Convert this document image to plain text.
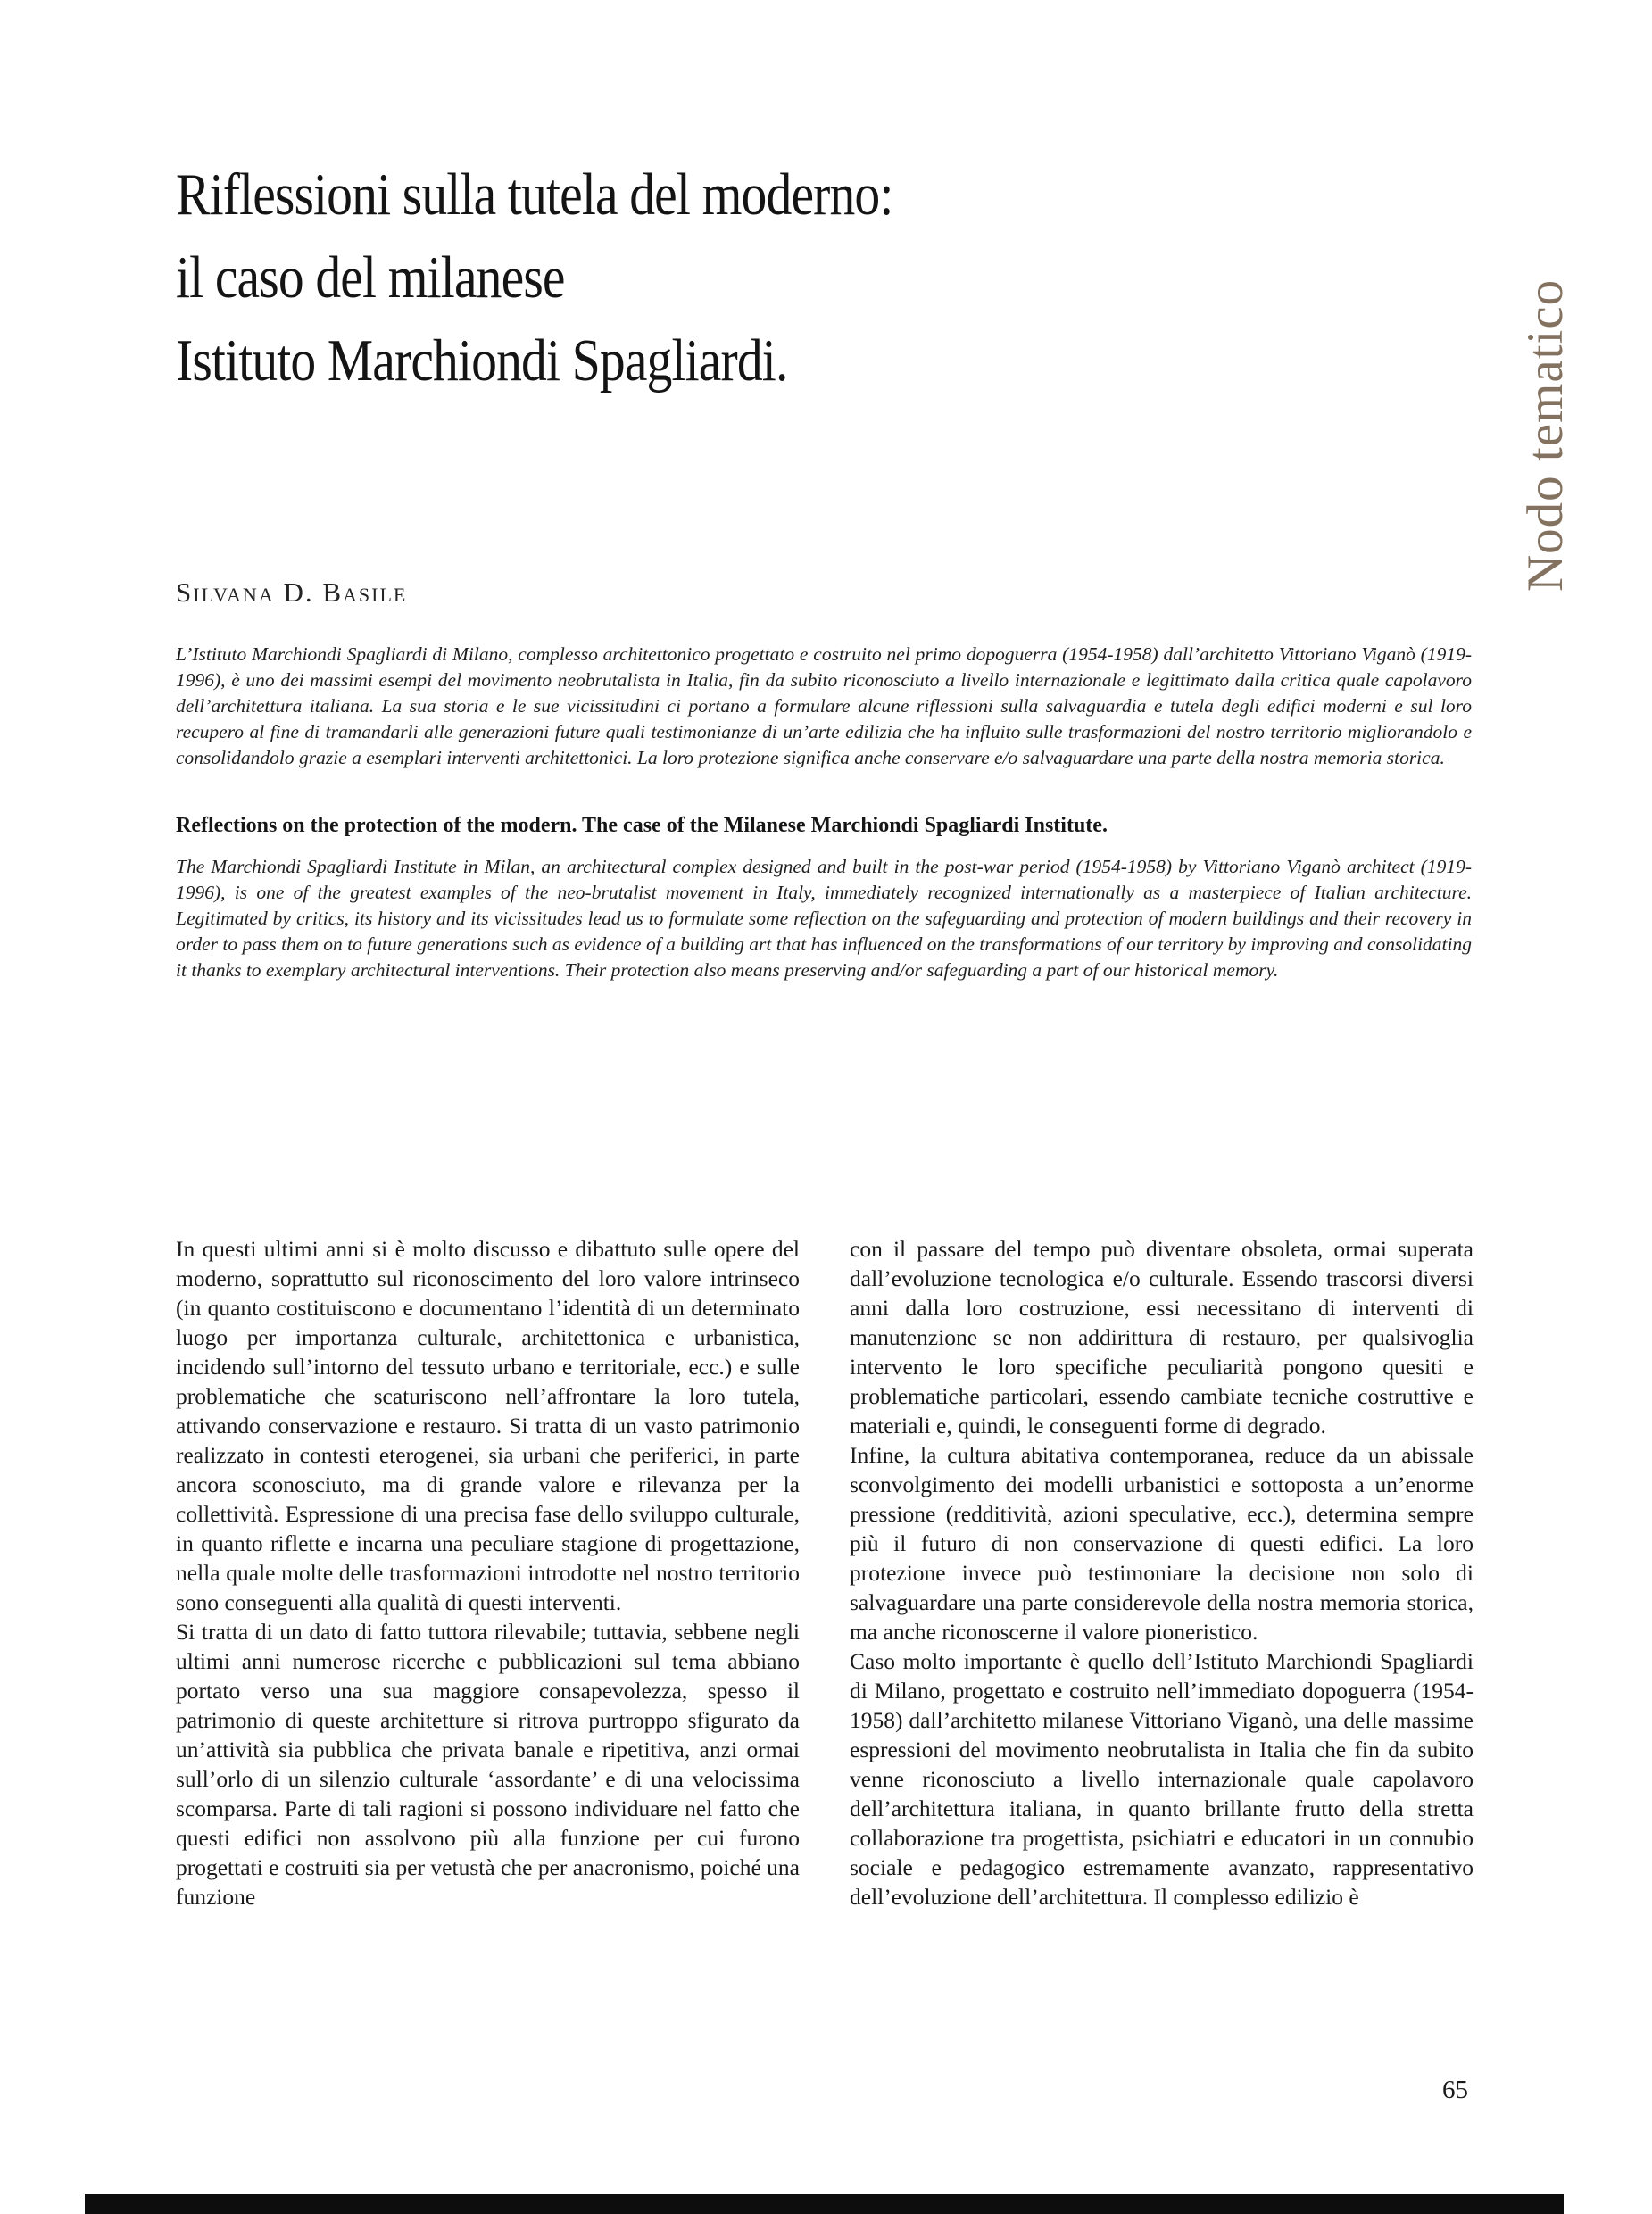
Riflessioni sulla tutela del moderno:
il caso del milanese
Istituto Marchiondi Spagliardi.	Nodo tematico
Silvana D. Basile
L’Istituto Marchiondi Spagliardi di Milano, complesso architettonico progettato e costruito nel primo dopoguerra (1954-1958) dall’architetto Vittoriano Viganò (1919-1996), è uno dei massimi esempi del movimento neobrutalista in Italia, fin da subito riconosciuto a livello internazionale e legittimato dalla critica quale capolavoro dell’architettura italiana. La sua storia e le sue vicissitudini ci portano a formulare alcune riflessioni sulla salvaguardia e tutela degli edifici moderni e sul loro recupero al fine di tramandarli alle generazioni future quali testimonianze di un’arte edilizia che ha influito sulle trasformazioni del nostro territorio migliorandolo e consolidandolo grazie a esemplari interventi architettonici. La loro protezione significa anche conservare e/o salvaguardare una parte della nostra memoria storica.
Reflections on the protection of the modern. The case of the Milanese Marchiondi Spagliardi Institute.
The Marchiondi Spagliardi Institute in Milan, an architectural complex designed and built in the post-war period (1954-1958) by Vittoriano Viganò architect (1919-1996), is one of the greatest examples of the neo-brutalist movement in Italy, immediately recognized internationally as a masterpiece of Italian architecture. Legitimated by critics, its history and its vicissitudes lead us to formulate some reflection on the safeguarding and protection of modern buildings and their recovery in order to pass them on to future generations such as evidence of a building art that has influenced on the transformations of our territory by improving and consolidating it thanks to exemplary architectural interventions. Their protection also means preserving and/or safeguarding a part of our historical memory.

In questi ultimi anni si è molto discusso e dibattuto sulle opere del moderno, soprattutto sul riconoscimento del loro valore intrinseco (in quanto costituiscono e documentano l’identità di un determinato luogo per importanza culturale, architettonica e urbanistica, incidendo sull’intorno del tessuto urbano e territoriale, ecc.) e sulle problematiche che scaturiscono nell’affrontare la loro tutela, attivando conservazione e restauro. Si tratta di un vasto patrimonio realizzato in contesti eterogenei, sia urbani che periferici, in parte ancora sconosciuto, ma di grande valore e rilevanza per la collettività. Espressione di una precisa fase dello sviluppo culturale, in quanto riflette e incarna una peculiare stagione di progettazione, nella quale molte delle trasformazioni introdotte nel nostro territorio sono conseguenti alla qualità di questi interventi.

Si tratta di un dato di fatto tuttora rilevabile; tuttavia, sebbene negli ultimi anni numerose ricerche e pubblicazioni sul tema abbiano portato verso una sua maggiore consapevolezza, spesso il patrimonio di queste architetture si ritrova purtroppo sfigurato da un’attività sia pubblica che privata banale e ripetitiva, anzi ormai sull’orlo di un silenzio culturale ‘assordante’ e di una velocissima scomparsa. Parte di tali ragioni si possono individuare nel fatto che questi edifici non assolvono più alla funzione per cui furono progettati e costruiti sia per vetustà che per anacronismo, poiché una funzione

con il passare del tempo può diventare obsoleta, ormai superata dall’evoluzione tecnologica e/o culturale. Essendo trascorsi diversi anni dalla loro costruzione, essi necessitano di interventi di manutenzione se non addirittura di restauro, per qualsivoglia intervento le loro specifiche peculiarità pongono quesiti e problematiche particolari, essendo cambiate tecniche costruttive e materiali e, quindi, le conseguenti forme di degrado.

Infine, la cultura abitativa contemporanea, reduce da un abissale sconvolgimento dei modelli urbanistici e sottoposta a un’enorme pressione (redditività, azioni speculative, ecc.), determina sempre più il futuro di non conservazione di questi edifici. La loro protezione invece può testimoniare la decisione non solo di salvaguardare una parte considerevole della nostra memoria storica, ma anche riconoscerne il valore pioneristico.

Caso molto importante è quello dell’Istituto Marchiondi Spagliardi di Milano, progettato e costruito nell’immediato dopoguerra (1954-1958) dall’architetto milanese Vittoriano Viganò, una delle massime espressioni del movimento neobrutalista in Italia che fin da subito venne riconosciuto a livello internazionale quale capolavoro dell’architettura italiana, in quanto brillante frutto della stretta collaborazione tra progettista, psichiatri e educatori in un connubio sociale e pedagogico estremamente avanzato, rappresentativo dell’evoluzione dell’architettura. Il complesso edilizio è

65
